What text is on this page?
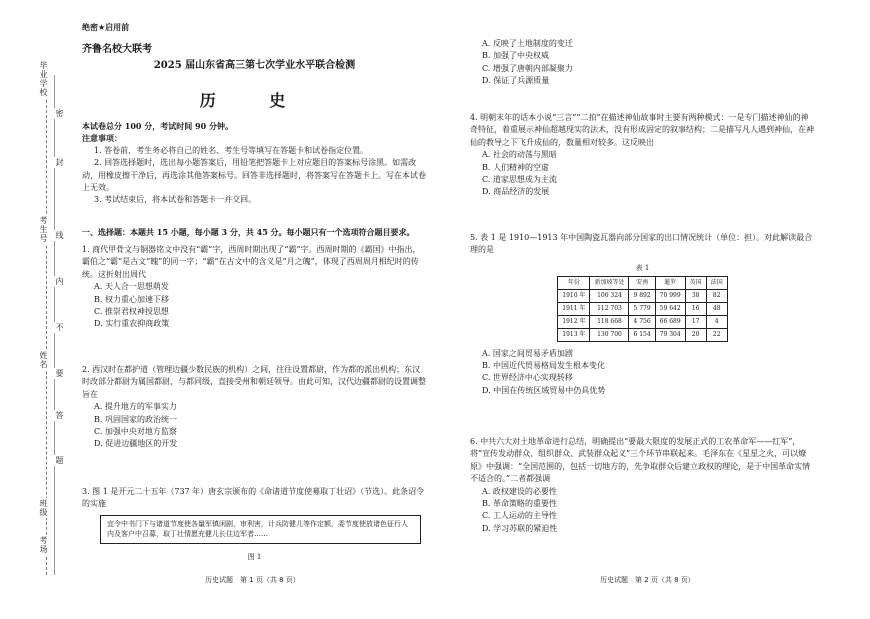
毕业学校
考生号
姓名
班级
考场
密
封
线
内
不
要
答
题
绝密★启用前
齐鲁名校大联考
2025 届山东省高三第七次学业水平联合检测
历 史

本试卷总分 100 分，考试时间 90 分钟。

注意事项：

1. 答卷前，考生务必将自己的姓名、考生号等填写在答题卡和试卷指定位置。

2. 回答选择题时，选出每小题答案后，用铅笔把答题卡上对应题目的答案标号涂黑。如需改动，用橡皮擦干净后，再选涂其他答案标号。回答非选择题时，将答案写在答题卡上。写在本试卷上无效。

3. 考试结束后，将本试卷和答题卡一并交回。

一、选择题：本题共 15 小题，每小题 3 分，共 45 分。每小题只有一个选项符合题目要求。

1. 商代甲骨文与铜器铭文中没有“霸”字，西周时期出现了“霸”字。西周时期的《霸国》中指出，霸伯之“霸”是古文“魄”的同一字；“霸”在古文中的含义是“月之魄”，体现了西周周月相纪时的传统。这折射出周代

A. 天人合一思想萌发

B. 权力重心加速下移

C. 推崇君权神授思想

D. 实行重农抑商政策

2. 西汉时在都护道（管理边疆少数民族的机构）之间，往往设置都尉，作为都的派出机构；东汉时改部分都尉为属国都尉，与都同级，直接受州和朝廷领导。由此可知，汉代边疆都尉的设置调整旨在

A. 提升地方的军事实力

B. 巩固国家的政治统一

C. 加强中央对地方监察

D. 促进边疆地区的开发

3. 图 1 是开元二十五年（737 年）唐玄宗颁布的《命诸道节度使募取丁壮诏》（节选）。此条诏令的实施

宜令中书门下与诸道节度使各量军镇闲剧，审利害，计兵防健儿等作定额，委节度使放诸色征行人内及客户中召募，取丁壮情愿充健儿长住边军者……

图 1

A. 反映了土地制度的变迁

B. 加强了中央权威

C. 增强了唐朝内部凝聚力

D. 保证了兵源质量

4. 明朝末年的话本小说“三言”“二拍”在描述神仙故事时主要有两种模式：一是专门描述神仙的神奇特征，着重展示神仙超越现实的法术，没有形成固定的叙事结构；二是描写凡人遇到神仙，在神仙的教导之下飞升成仙的，数量相对较多。这反映出

A. 社会的动荡与黑暗

B. 人们精神的空虚

C. 道家思想成为主流

D. 商品经济的发展

5. 表 1 是 1910—1913 年中国陶瓷瓦器向部分国家的出口情况统计（单位：担）。对此解读最合理的是

表 1

年份	新加坡等处	安南	暹罗	英国	法国
1910 年	106 324	9 892	70 999	38	82
1911 年	112 703	5 779	59 642	16	48
1912 年	118 668	4 756	66 689	17	4
1913 年	130 700	6 154	79 304	20	22

A. 国家之间贸易矛盾加剧

B. 中国近代贸易格局发生根本变化

C. 世界经济中心实现转移

D. 中国在传统区域贸易中仍具优势

6. 中共六大对土地革命进行总结，明确提出“要最大限度的发展正式的工农革命军——红军”，将“宣传发动群众、组织群众、武装群众起义”三个环节串联起来。毛泽东在《星星之火，可以燎原》中强调：“全国范围的，包括一切地方的，先争取群众后建立政权的理论，是于中国革命实情不适合的。”二者都强调

A. 政权建设的必要性

B. 革命策略的重要性

C. 工人运动的主导性

D. 学习苏联的紧迫性

历史试题　第 1 页（共 8 页）	历史试题　第 2 页（共 8 页）
